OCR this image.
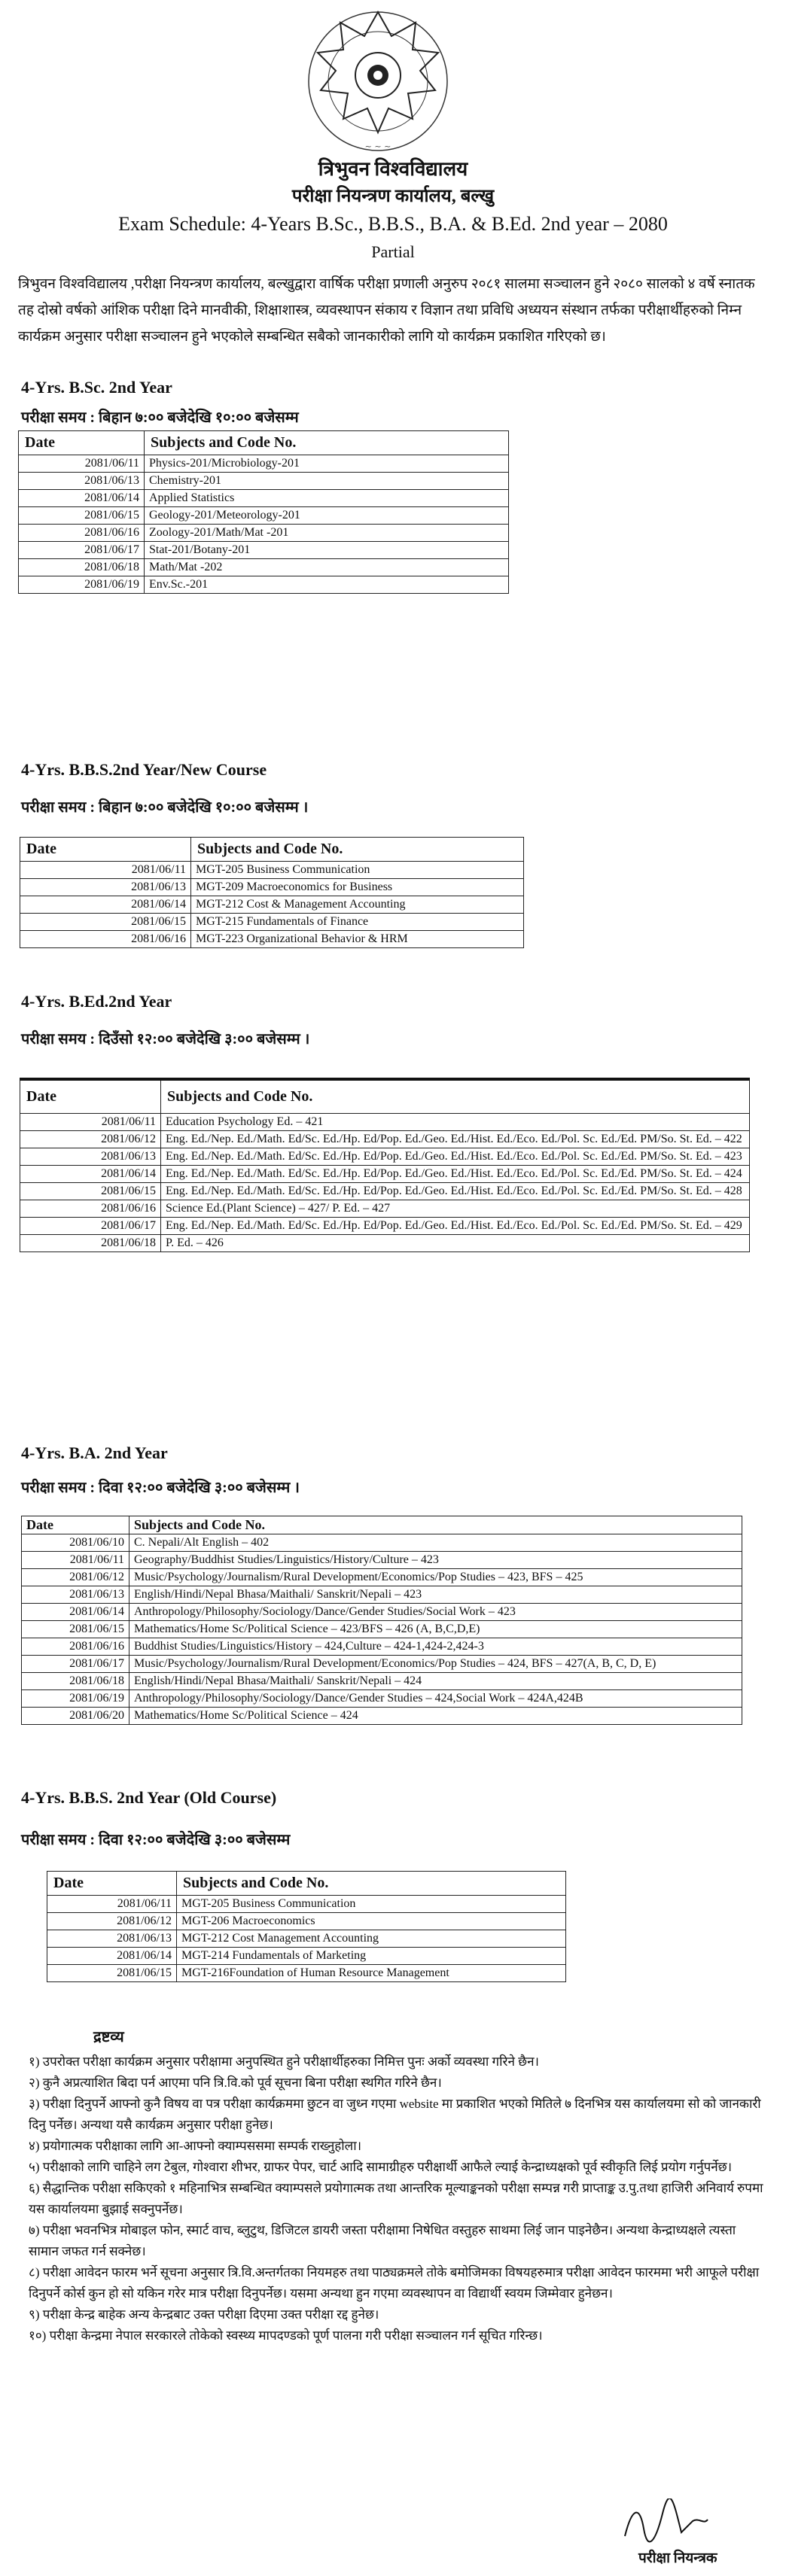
~ ~ ~
त्रिभुवन विश्वविद्यालय
परीक्षा नियन्त्रण कार्यालय, बल्खु
Exam Schedule: 4-Years B.Sc., B.B.S., B.A. & B.Ed. 2nd year – 2080
Partial
त्रिभुवन विश्वविद्यालय ,परीक्षा नियन्त्रण कार्यालय, बल्खुद्वारा वार्षिक परीक्षा प्रणाली अनुरुप २०८१ सालमा सञ्चालन हुने २०८० सालको ४ वर्षे स्नातक तह दोस्रो वर्षको आंशिक परीक्षा दिने मानवीकी, शिक्षाशास्त्र, व्यवस्थापन संकाय र विज्ञान तथा प्रविधि अध्ययन संस्थान तर्फका परीक्षार्थीहरुको निम्न कार्यक्रम अनुसार परीक्षा सञ्चालन हुने भएकोले सम्बन्धित सबैको जानकारीको लागि यो कार्यक्रम प्रकाशित गरिएको छ।
4-Yrs. B.Sc. 2nd Year
परीक्षा समय : बिहान ७:०० बजेदेखि १०:०० बजेसम्म
Date	Subjects and Code No.
2081/06/11	Physics-201/Microbiology-201
2081/06/13	Chemistry-201
2081/06/14	Applied Statistics
2081/06/15	Geology-201/Meteorology-201
2081/06/16	Zoology-201/Math/Mat -201
2081/06/17	Stat-201/Botany-201
2081/06/18	Math/Mat -202
2081/06/19	Env.Sc.-201
4-Yrs. B.B.S.2nd Year/New Course
परीक्षा समय : बिहान ७:०० बजेदेखि १०:०० बजेसम्म ।
Date	Subjects and Code No.
2081/06/11	MGT-205 Business Communication
2081/06/13	MGT-209 Macroeconomics for Business
2081/06/14	MGT-212 Cost & Management Accounting
2081/06/15	MGT-215 Fundamentals of Finance
2081/06/16	MGT-223 Organizational Behavior & HRM
4-Yrs. B.Ed.2nd Year
परीक्षा समय : दिउँसो १२:०० बजेदेखि ३:०० बजेसम्म ।
Date	Subjects and Code No.
2081/06/11	Education Psychology Ed. – 421
2081/06/12	Eng. Ed./Nep. Ed./Math. Ed/Sc. Ed./Hp. Ed/Pop. Ed./Geo. Ed./Hist. Ed./Eco. Ed./Pol. Sc. Ed./Ed. PM/So. St. Ed. – 422
2081/06/13	Eng. Ed./Nep. Ed./Math. Ed/Sc. Ed./Hp. Ed/Pop. Ed./Geo. Ed./Hist. Ed./Eco. Ed./Pol. Sc. Ed./Ed. PM/So. St. Ed. – 423
2081/06/14	Eng. Ed./Nep. Ed./Math. Ed/Sc. Ed./Hp. Ed/Pop. Ed./Geo. Ed./Hist. Ed./Eco. Ed./Pol. Sc. Ed./Ed. PM/So. St. Ed. – 424
2081/06/15	Eng. Ed./Nep. Ed./Math. Ed/Sc. Ed./Hp. Ed/Pop. Ed./Geo. Ed./Hist. Ed./Eco. Ed./Pol. Sc. Ed./Ed. PM/So. St. Ed. – 428
2081/06/16	Science Ed.(Plant Science) – 427/ P. Ed. – 427
2081/06/17	Eng. Ed./Nep. Ed./Math. Ed/Sc. Ed./Hp. Ed/Pop. Ed./Geo. Ed./Hist. Ed./Eco. Ed./Pol. Sc. Ed./Ed. PM/So. St. Ed. – 429
2081/06/18	P. Ed. – 426
4-Yrs. B.A. 2nd Year
परीक्षा समय : दिवा १२:०० बजेदेखि ३:०० बजेसम्म ।
Date	Subjects and Code No.
2081/06/10	C. Nepali/Alt English – 402
2081/06/11	Geography/Buddhist Studies/Linguistics/History/Culture – 423
2081/06/12	Music/Psychology/Journalism/Rural Development/Economics/Pop Studies – 423, BFS – 425
2081/06/13	English/Hindi/Nepal Bhasa/Maithali/ Sanskrit/Nepali – 423
2081/06/14	Anthropology/Philosophy/Sociology/Dance/Gender Studies/Social Work – 423
2081/06/15	Mathematics/Home Sc/Political Science – 423/BFS – 426 (A, B,C,D,E)
2081/06/16	Buddhist Studies/Linguistics/History – 424,Culture – 424-1,424-2,424-3
2081/06/17	Music/Psychology/Journalism/Rural Development/Economics/Pop Studies – 424, BFS – 427(A, B, C, D, E)
2081/06/18	English/Hindi/Nepal Bhasa/Maithali/ Sanskrit/Nepali – 424
2081/06/19	Anthropology/Philosophy/Sociology/Dance/Gender Studies – 424,Social Work – 424A,424B
2081/06/20	Mathematics/Home Sc/Political Science – 424
4-Yrs. B.B.S. 2nd Year (Old Course)
परीक्षा समय : दिवा १२:०० बजेदेखि ३:०० बजेसम्म
Date	Subjects and Code No.
2081/06/11	MGT-205 Business Communication
2081/06/12	MGT-206 Macroeconomics
2081/06/13	MGT-212 Cost Management Accounting
2081/06/14	MGT-214 Fundamentals of Marketing
2081/06/15	MGT-216Foundation of Human Resource Management
द्रष्टव्य
१) उपरोक्त परीक्षा कार्यक्रम अनुसार परीक्षामा अनुपस्थित हुने परीक्षार्थीहरुका निमित्त पुनः अर्को व्यवस्था गरिने छैन।
२) कुनै अप्रत्याशित बिदा पर्न आएमा पनि त्रि.वि.को पूर्व सूचना बिना परीक्षा स्थगित गरिने छैन।
३) परीक्षा दिनुपर्ने आफ्नो कुनै विषय वा पत्र परीक्षा कार्यक्रममा छुटन वा जुध्न गएमा website मा प्रकाशित भएको मितिले ७ दिनभित्र यस कार्यालयमा सो को जानकारी दिनु पर्नेछ। अन्यथा यसै कार्यक्रम अनुसार परीक्षा हुनेछ।
४) प्रयोगात्मक परीक्षाका लागि आ-आफ्नो क्याम्पससमा सम्पर्क राख्नुहोला।
५) परीक्षाको लागि चाहिने लग टेबुल, गोश्वारा शीभर, ग्राफर पेपर, चार्ट आदि सामाग्रीहरु परीक्षार्थी आफैले ल्याई केन्द्राध्यक्षको पूर्व स्वीकृति लिई प्रयोग गर्नुपर्नेछ।
६) सैद्धान्तिक परीक्षा सकिएको १ महिनाभित्र सम्बन्धित क्याम्पसले प्रयोगात्मक तथा आन्तरिक मूल्याङ्कनको परीक्षा सम्पन्न गरी प्राप्ताङ्क उ.पु.तथा हाजिरी अनिवार्य रुपमा यस कार्यालयमा बुझाई सक्नुपर्नेछ।
७) परीक्षा भवनभित्र मोबाइल फोन, स्मार्ट वाच, ब्लुटुथ, डिजिटल डायरी जस्ता परीक्षामा निषेधित वस्तुहरु साथमा लिई जान पाइनेछैन। अन्यथा केन्द्राध्यक्षले त्यस्ता सामान जफत गर्न सक्नेछ।
८) परीक्षा आवेदन फारम भर्ने सूचना अनुसार त्रि.वि.अन्तर्गतका नियमहरु तथा पाठ्यक्रमले तोके बमोजिमका विषयहरुमात्र परीक्षा आवेदन फारममा भरी आफूले परीक्षा दिनुपर्ने कोर्स कुन हो सो यकिन गरेर मात्र परीक्षा दिनुपर्नेछ। यसमा अन्यथा हुन गएमा व्यवस्थापन वा विद्यार्थी स्वयम जिम्मेवार हुनेछन।
९) परीक्षा केन्द्र बाहेक अन्य केन्द्रबाट उक्त परीक्षा दिएमा उक्त परीक्षा रद्द हुनेछ।
१०) परीक्षा केन्द्रमा नेपाल सरकारले तोकेको स्वस्थ्य मापदण्डको पूर्ण पालना गरी परीक्षा सञ्चालन गर्न सूचित गरिन्छ।
परीक्षा नियन्त्रक
